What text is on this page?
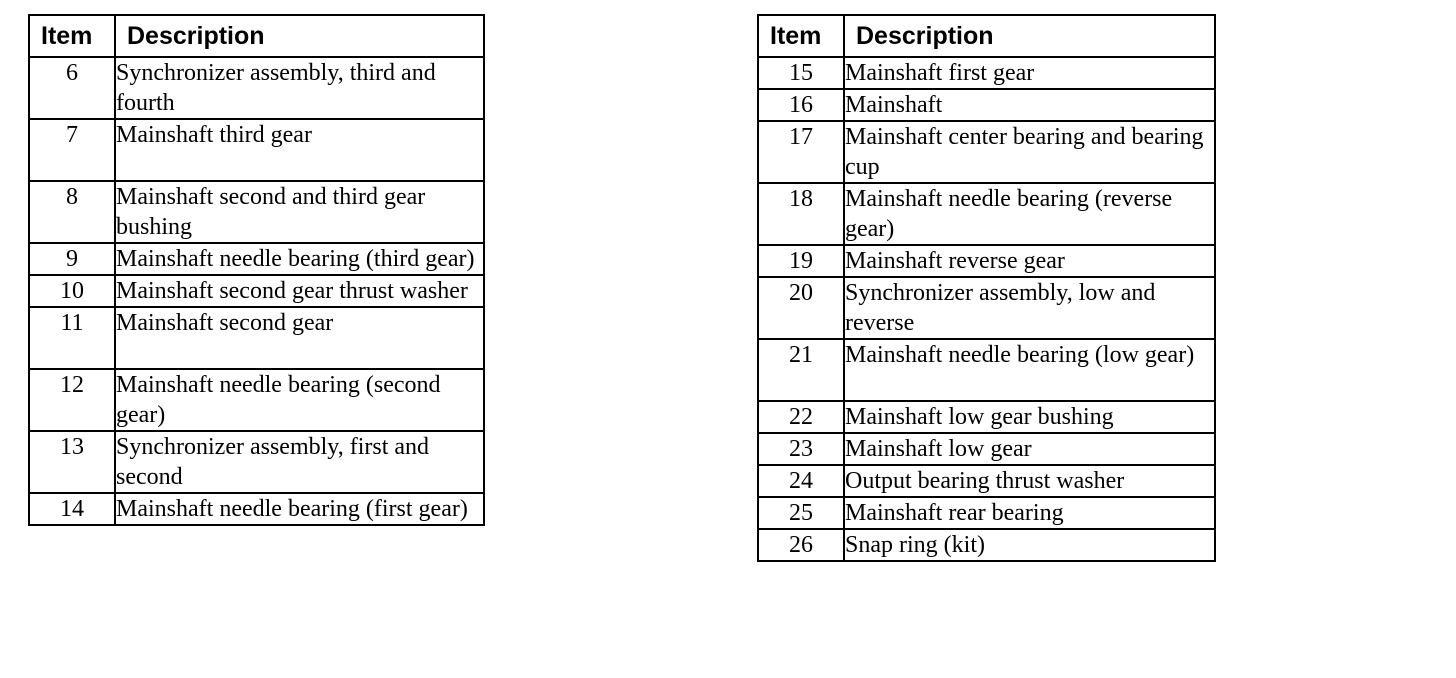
Item	Description
6	Synchronizer assembly, third and fourth
7	Mainshaft third gear
8	Mainshaft second and third gear bushing
9	Mainshaft needle bearing (third gear)
10	Mainshaft second gear thrust washer
11	Mainshaft second gear
12	Mainshaft needle bearing (second gear)
13	Synchronizer assembly, first and second
14	Mainshaft needle bearing (first gear)
Item	Description
15	Mainshaft first gear
16	Mainshaft
17	Mainshaft center bearing and bearing cup
18	Mainshaft needle bearing (reverse gear)
19	Mainshaft reverse gear
20	Synchronizer assembly, low and reverse
21	Mainshaft needle bearing (low gear)
22	Mainshaft low gear bushing
23	Mainshaft low gear
24	Output bearing thrust washer
25	Mainshaft rear bearing
26	Snap ring (kit)
